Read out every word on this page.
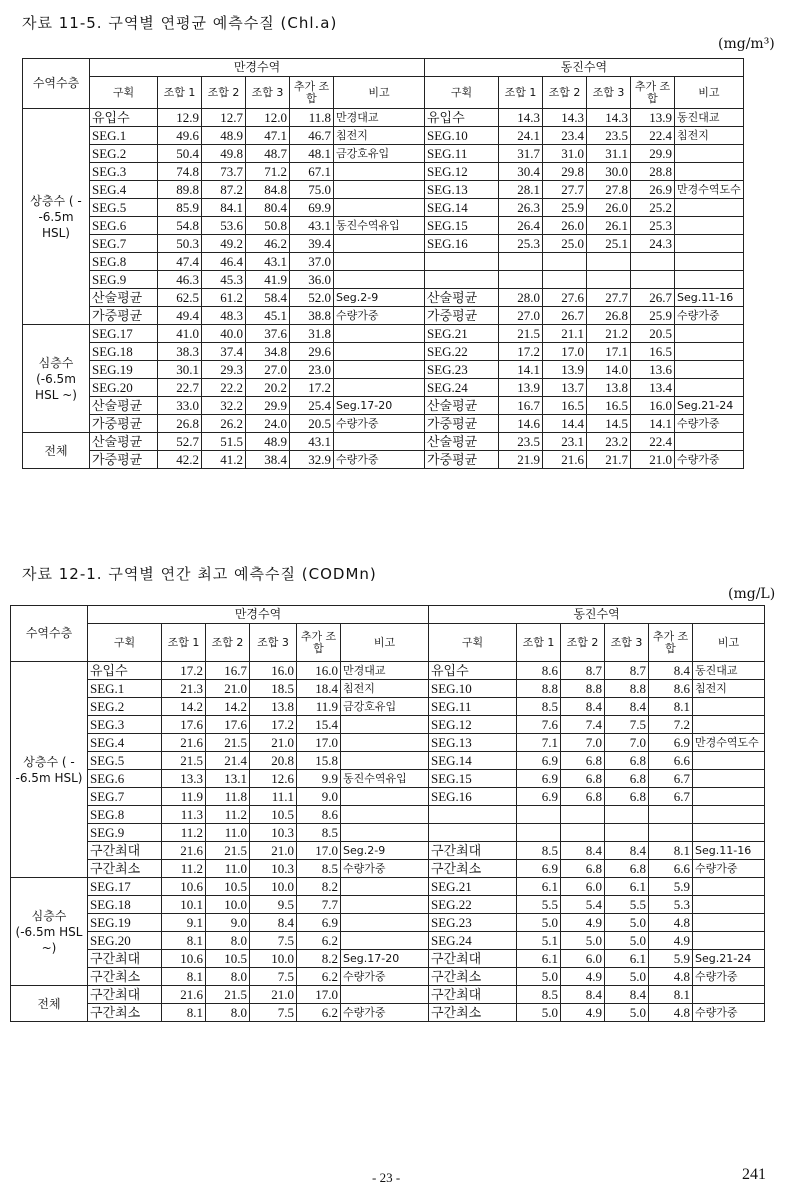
자료 11-5. 구역별 연평균 예측수질 (Chl.a)
(mg/m³)
수역수층	만경수역						동진수역					
	구획	조합 1	조합 2	조합 3	추가 조합	비고	구획	조합 1	조합 2	조합 3	추가 조합	비고
상층수 ( - -6.5m HSL)	유입수	12.9	12.7	12.0	11.8	만경대교	유입수	14.3	14.3	14.3	13.9	동진대교
	SEG.1	49.6	48.9	47.1	46.7	침전지	SEG.10	24.1	23.4	23.5	22.4	침전지
	SEG.2	50.4	49.8	48.7	48.1	금강호유입	SEG.11	31.7	31.0	31.1	29.9	
	SEG.3	74.8	73.7	71.2	67.1		SEG.12	30.4	29.8	30.0	28.8	
	SEG.4	89.8	87.2	84.8	75.0		SEG.13	28.1	27.7	27.8	26.9	만경수역도수
	SEG.5	85.9	84.1	80.4	69.9		SEG.14	26.3	25.9	26.0	25.2	
	SEG.6	54.8	53.6	50.8	43.1	동진수역유입	SEG.15	26.4	26.0	26.1	25.3	
	SEG.7	50.3	49.2	46.2	39.4		SEG.16	25.3	25.0	25.1	24.3	
	SEG.8	47.4	46.4	43.1	37.0							
	SEG.9	46.3	45.3	41.9	36.0							
	산술평균	62.5	61.2	58.4	52.0	Seg.2-9	산술평균	28.0	27.6	27.7	26.7	Seg.11-16
	가중평균	49.4	48.3	45.1	38.8	수량가중	가중평균	27.0	26.7	26.8	25.9	수량가중
심층수 (-6.5m HSL ~)	SEG.17	41.0	40.0	37.6	31.8		SEG.21	21.5	21.1	21.2	20.5	
	SEG.18	38.3	37.4	34.8	29.6		SEG.22	17.2	17.0	17.1	16.5	
	SEG.19	30.1	29.3	27.0	23.0		SEG.23	14.1	13.9	14.0	13.6	
	SEG.20	22.7	22.2	20.2	17.2		SEG.24	13.9	13.7	13.8	13.4	
	산술평균	33.0	32.2	29.9	25.4	Seg.17-20	산술평균	16.7	16.5	16.5	16.0	Seg.21-24
	가중평균	26.8	26.2	24.0	20.5	수량가중	가중평균	14.6	14.4	14.5	14.1	수량가중
전체	산술평균	52.7	51.5	48.9	43.1		산술평균	23.5	23.1	23.2	22.4	
	가중평균	42.2	41.2	38.4	32.9	수량가중	가중평균	21.9	21.6	21.7	21.0	수량가중
자료 12-1. 구역별 연간 최고 예측수질 (CODMn)
(mg/L)
수역수층	만경수역						동진수역					
	구획	조합 1	조합 2	조합 3	추가 조합	비고	구획	조합 1	조합 2	조합 3	추가 조합	비고
상층수 ( - -6.5m HSL)	유입수	17.2	16.7	16.0	16.0	만경대교	유입수	8.6	8.7	8.7	8.4	동진대교
	SEG.1	21.3	21.0	18.5	18.4	침전지	SEG.10	8.8	8.8	8.8	8.6	침전지
	SEG.2	14.2	14.2	13.8	11.9	금강호유입	SEG.11	8.5	8.4	8.4	8.1	
	SEG.3	17.6	17.6	17.2	15.4		SEG.12	7.6	7.4	7.5	7.2	
	SEG.4	21.6	21.5	21.0	17.0		SEG.13	7.1	7.0	7.0	6.9	만경수역도수
	SEG.5	21.5	21.4	20.8	15.8		SEG.14	6.9	6.8	6.8	6.6	
	SEG.6	13.3	13.1	12.6	9.9	동진수역유입	SEG.15	6.9	6.8	6.8	6.7	
	SEG.7	11.9	11.8	11.1	9.0		SEG.16	6.9	6.8	6.8	6.7	
	SEG.8	11.3	11.2	10.5	8.6							
	SEG.9	11.2	11.0	10.3	8.5							
	구간최대	21.6	21.5	21.0	17.0	Seg.2-9	구간최대	8.5	8.4	8.4	8.1	Seg.11-16
	구간최소	11.2	11.0	10.3	8.5	수량가중	구간최소	6.9	6.8	6.8	6.6	수량가중
심층수 (-6.5m HSL ~)	SEG.17	10.6	10.5	10.0	8.2		SEG.21	6.1	6.0	6.1	5.9	
	SEG.18	10.1	10.0	9.5	7.7		SEG.22	5.5	5.4	5.5	5.3	
	SEG.19	9.1	9.0	8.4	6.9		SEG.23	5.0	4.9	5.0	4.8	
	SEG.20	8.1	8.0	7.5	6.2		SEG.24	5.1	5.0	5.0	4.9	
	구간최대	10.6	10.5	10.0	8.2	Seg.17-20	구간최대	6.1	6.0	6.1	5.9	Seg.21-24
	구간최소	8.1	8.0	7.5	6.2	수량가중	구간최소	5.0	4.9	5.0	4.8	수량가중
전체	구간최대	21.6	21.5	21.0	17.0		구간최대	8.5	8.4	8.4	8.1	
	구간최소	8.1	8.0	7.5	6.2	수량가중	구간최소	5.0	4.9	5.0	4.8	수량가중
- 23 -	241
